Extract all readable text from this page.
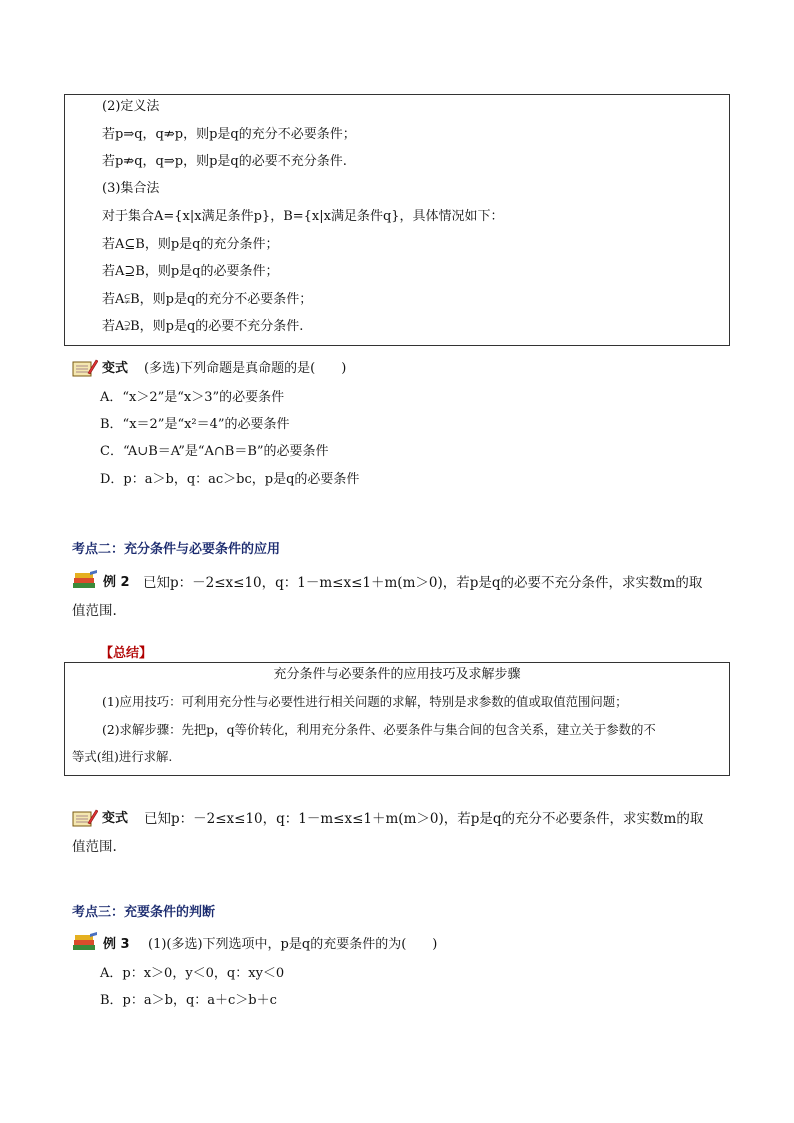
(2)定义法
若p⇒q，q⇏p，则p是q的充分不必要条件；
若p⇏q，q⇒p，则p是q的必要不充分条件.
(3)集合法
对于集合A={x|x满足条件p}，B={x|x满足条件q}，具体情况如下：
若A⊆B，则p是q的充分条件；
若A⊇B，则p是q的必要条件；
若A⫋B，则p是q的充分不必要条件；
若A⫌B，则p是q的必要不充分条件.
变式 (多选)下列命题是真命题的是(　　)
A．“x＞2”是“x＞3”的必要条件
B．“x＝2”是“x²＝4”的必要条件
C．“A∪B＝A”是“A∩B＝B”的必要条件
D．p：a＞b，q：ac＞bc，p是q的必要条件
考点二：充分条件与必要条件的应用
例 2 已知p：－2≤x≤10，q：1－m≤x≤1＋m(m＞0)，若p是q的必要不充分条件，求实数m的取
值范围.
【总结】
充分条件与必要条件的应用技巧及求解步骤
(1)应用技巧：可利用充分性与必要性进行相关问题的求解，特别是求参数的值或取值范围问题；
(2)求解步骤：先把p，q等价转化，利用充分条件、必要条件与集合间的包含关系，建立关于参数的不
等式(组)进行求解.
变式 已知p：－2≤x≤10，q：1－m≤x≤1＋m(m＞0)，若p是q的充分不必要条件，求实数m的取
值范围.
考点三：充要条件的判断
例 3 (1)(多选)下列选项中，p是q的充要条件的为(　　)
A．p：x＞0，y＜0，q：xy＜0
B．p：a＞b，q：a＋c＞b＋c
